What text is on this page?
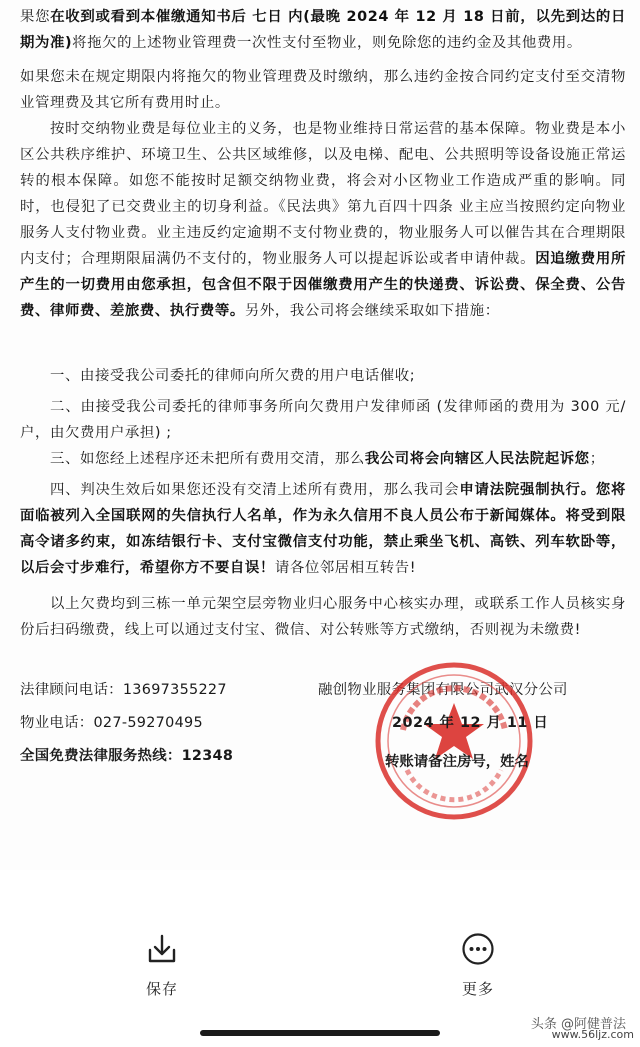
果您在收到或看到本催缴通知书后 七日 内(最晚 2024 年 12 月 18 日前，以先到达的日期为准)将拖欠的上述物业管理费一次性支付至物业，则免除您的违约金及其他费用。

如果您未在规定期限内将拖欠的物业管理费及时缴纳，那么违约金按合同约定支付至交清物业管理费及其它所有费用时止。

按时交纳物业费是每位业主的义务，也是物业维持日常运营的基本保障。物业费是本小区公共秩序维护、环境卫生、公共区域维修，以及电梯、配电、公共照明等设备设施正常运转的根本保障。如您不能按时足额交纳物业费，将会对小区物业工作造成严重的影响。同时，也侵犯了已交费业主的切身利益。《民法典》第九百四十四条 业主应当按照约定向物业服务人支付物业费。业主违反约定逾期不支付物业费的，物业服务人可以催告其在合理期限内支付；合理期限届满仍不支付的，物业服务人可以提起诉讼或者申请仲裁。因追缴费用所产生的一切费用由您承担，包含但不限于因催缴费用产生的快递费、诉讼费、保全费、公告费、律师费、差旅费、执行费等。另外，我公司将会继续采取如下措施：

一、由接受我公司委托的律师向所欠费的用户电话催收;

二、由接受我公司委托的律师事务所向欠费用户发律师函 (发律师函的费用为 300 元/户，由欠费用户承担) ;

三、如您经上述程序还未把所有费用交清，那么我公司将会向辖区人民法院起诉您；

四、判决生效后如果您还没有交清上述所有费用，那么我司会申请法院强制执行。您将面临被列入全国联网的失信执行人名单，作为永久信用不良人员公布于新闻媒体。将受到限高令诸多约束，如冻结银行卡、支付宝微信支付功能，禁止乘坐飞机、高铁、列车软卧等，以后会寸步难行，希望你方不要自误！请各位邻居相互转告!

以上欠费均到三栋一单元架空层旁物业归心服务中心核实办理，或联系工作人员核实身份后扫码缴费，线上可以通过支付宝、微信、对公转账等方式缴纳，否则视为未缴费!

法律顾问电话：13697355227
物业电话：027-59270495
全国免费法律服务热线：12348
融创物业服务集团有限公司武汉分公司
2024 年 12 月 11 日
转账请备注房号，姓名
保存	更多
头条 @阿健普法
www.56ljz.com
